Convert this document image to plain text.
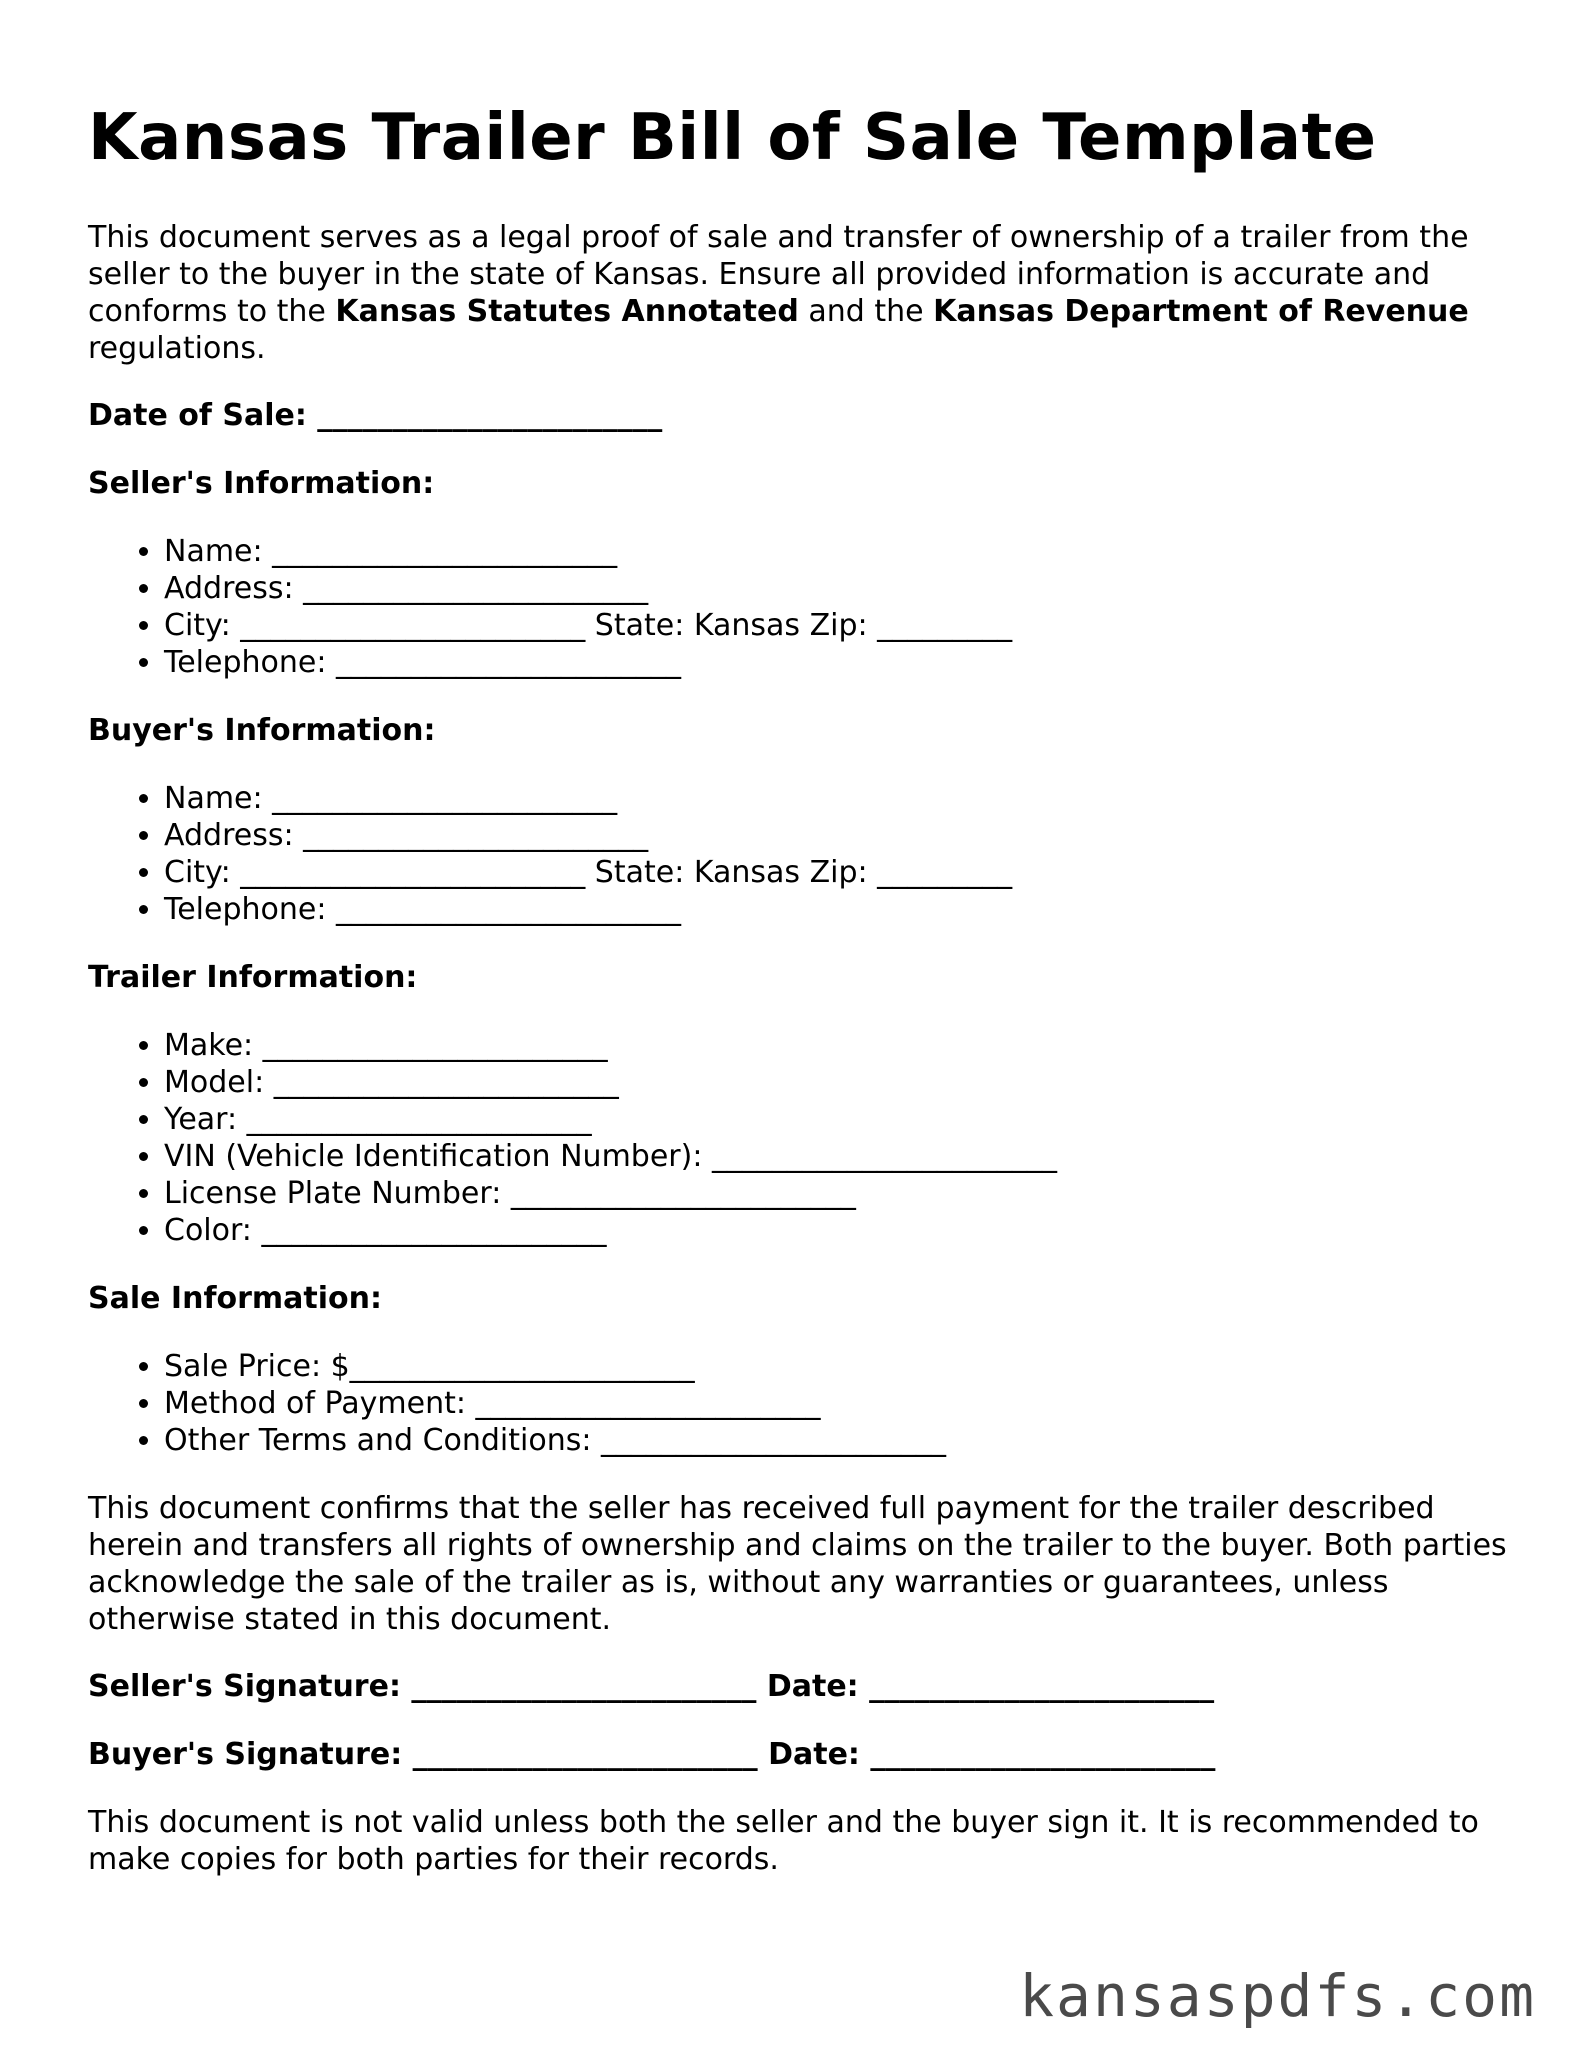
Kansas Trailer Bill of Sale Template

This document serves as a legal proof of sale and transfer of ownership of a trailer from the seller to the buyer in the state of Kansas. Ensure all provided information is accurate and conforms to the Kansas Statutes Annotated and the Kansas Department of Revenue regulations.

Date of Sale: _______________________
Seller's Information:
• Name: _______________________
• Address: _______________________
• City: _______________________ State: Kansas Zip: _________
• Telephone: _______________________
Buyer's Information:
• Name: _______________________
• Address: _______________________
• City: _______________________ State: Kansas Zip: _________
• Telephone: _______________________
Trailer Information:
• Make: _______________________
• Model: _______________________
• Year: _______________________
• VIN (Vehicle Identification Number): _______________________
• License Plate Number: _______________________
• Color: _______________________
Sale Information:
• Sale Price: $_______________________
• Method of Payment: _______________________
• Other Terms and Conditions: _______________________

This document confirms that the seller has received full payment for the trailer described herein and transfers all rights of ownership and claims on the trailer to the buyer. Both parties acknowledge the sale of the trailer as is, without any warranties or guarantees, unless otherwise stated in this document.

Seller's Signature: _______________________ Date: _______________________
Buyer's Signature: _______________________ Date: _______________________

This document is not valid unless both the seller and the buyer sign it. It is recommended to make copies for both parties for their records.

kansaspdfs.com
